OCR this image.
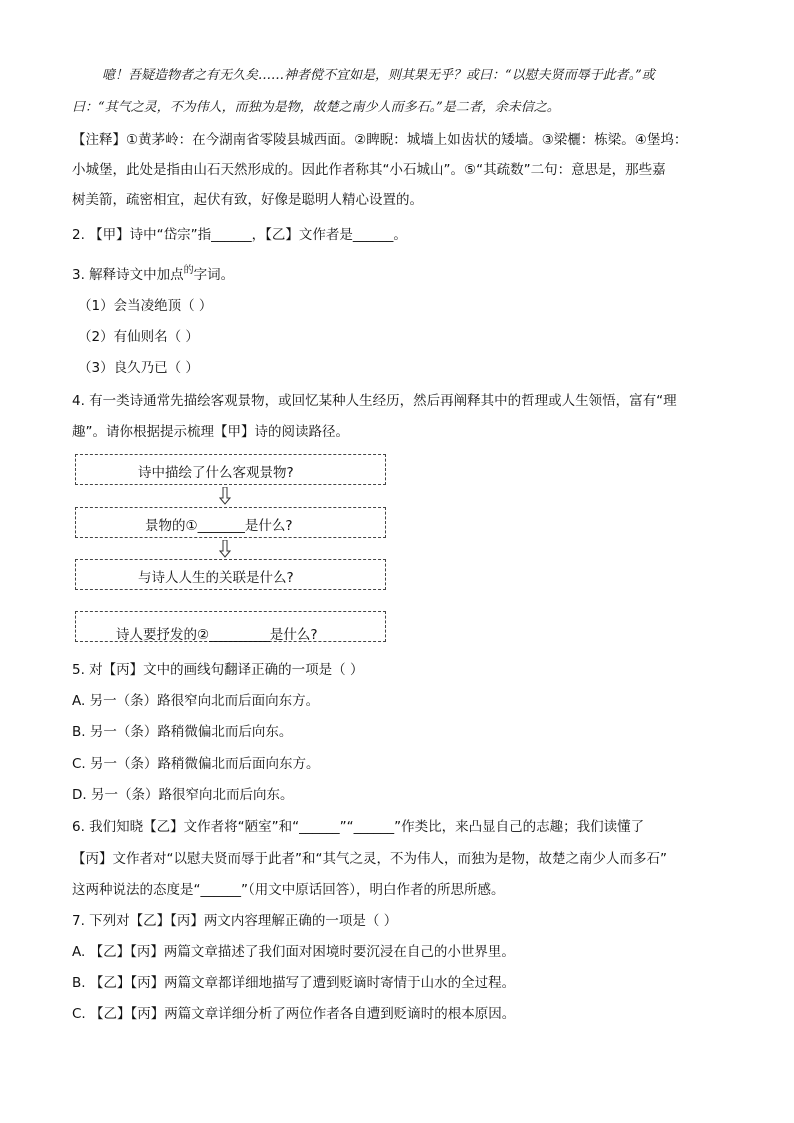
噫！吾疑造物者之有无久矣……神者傥不宜如是，则其果无乎？或曰：“以慰夫贤而辱于此者。”或
曰：“其气之灵，不为伟人，而独为是物，故楚之南少人而多石。”是二者，余未信之。
【注释】①黄茅岭：在今湖南省零陵县城西面。②睥睨：城墙上如齿状的矮墙。③梁欐：栋梁。④堡坞：
小城堡，此处是指由山石天然形成的。因此作者称其“小石城山”。⑤“其疏数”二句：意思是，那些嘉
树美箭，疏密相宜，起伏有致，好像是聪明人精心设置的。
2. 【甲】诗中“岱宗”指______，【乙】文作者是______。
3. 解释诗文中加点$^的$字词。
（1）会当凌绝顶（ ）
（2）有仙则名（ ）
（3）良久乃已（ ）
4. 有一类诗通常先描绘客观景物，或回忆某种人生经历，然后再阐释其中的哲理或人生领悟，富有“理
趣”。请你根据提示梳理【甲】诗的阅读路径。
诗中描绘了什么客观景物?
景物的①_______是什么?
与诗人人生的关联是什么?
诗人要抒发的②_________是什么?
5. 对【丙】文中的画线句翻译正确的一项是（ ）
A. 另一（条）路很窄向北而后面向东方。
B. 另一（条）路稍微偏北而后向东。
C. 另一（条）路稍微偏北而后面向东方。
D. 另一（条）路很窄向北而后向东。
6. 我们知晓【乙】文作者将“陋室”和“______”“______”作类比，来凸显自己的志趣；我们读懂了
【丙】文作者对“以慰夫贤而辱于此者”和“其气之灵，不为伟人，而独为是物，故楚之南少人而多石”
这两种说法的态度是“______”（用文中原话回答），明白作者的所思所感。
7. 下列对【乙】【丙】两文内容理解正确的一项是（ ）
A. 【乙】【丙】两篇文章描述了我们面对困境时要沉浸在自己的小世界里。
B. 【乙】【丙】两篇文章都详细地描写了遭到贬谪时寄情于山水的全过程。
C. 【乙】【丙】两篇文章详细分析了两位作者各自遭到贬谪时的根本原因。
